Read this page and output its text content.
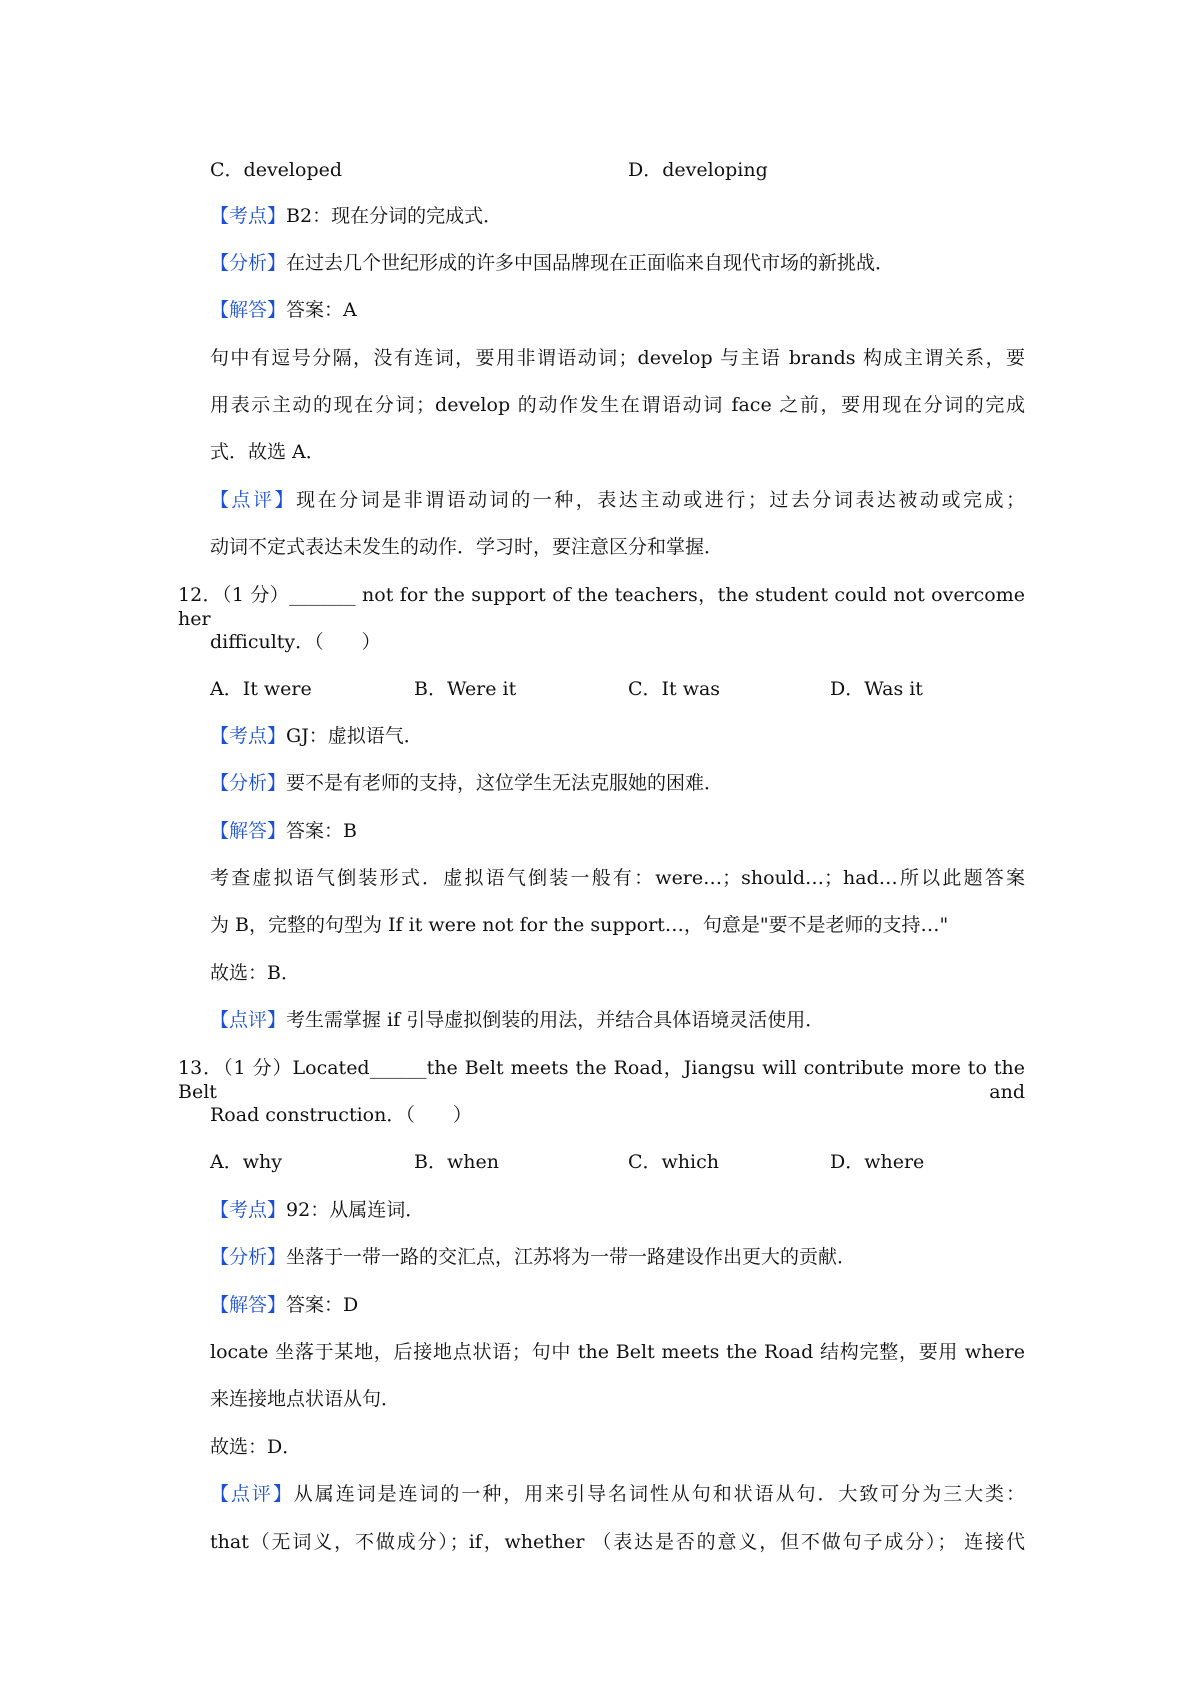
C．developed	D．developing
【考点】B2：现在分词的完成式．
【分析】在过去几个世纪形成的许多中国品牌现在正面临来自现代市场的新挑战．
【解答】答案：A
句中有逗号分隔，没有连词，要用非谓语动词；develop 与主语 brands 构成主谓关系，要
用表示主动的现在分词；develop 的动作发生在谓语动词 face 之前，要用现在分词的完成
式．故选 A．
【点评】现在分词是非谓语动词的一种，表达主动或进行；过去分词表达被动或完成；
动词不定式表达未发生的动作．学习时，要注意区分和掌握．
12．（1 分）_______ not for the support of the teachers，the student could not overcome her
difficulty．（　　）
A．It were	B．Were it	C．It was	D．Was it
【考点】GJ：虚拟语气．
【分析】要不是有老师的支持，这位学生无法克服她的困难．
【解答】答案：B
考查虚拟语气倒装形式．虚拟语气倒装一般有：were…；should…；had…所以此题答案
为 B，完整的句型为 If it were not for the support…，句意是"要不是老师的支持…"
故选：B．
【点评】考生需掌握 if 引导虚拟倒装的用法，并结合具体语境灵活使用．
13．（1 分）Located______the Belt meets the Road，Jiangsu will contribute more to the Belt and
Road construction．（　　）
A．why	B．when	C．which	D．where
【考点】92：从属连词．
【分析】坐落于一带一路的交汇点，江苏将为一带一路建设作出更大的贡献．
【解答】答案：D
locate 坐落于某地，后接地点状语；句中 the Belt meets the Road 结构完整，要用 where
来连接地点状语从句．
故选：D．
【点评】从属连词是连词的一种，用来引导名词性从句和状语从句．大致可分为三大类：
that（无词义，不做成分）；if，whether （表达是否的意义，但不做句子成分）； 连接代
